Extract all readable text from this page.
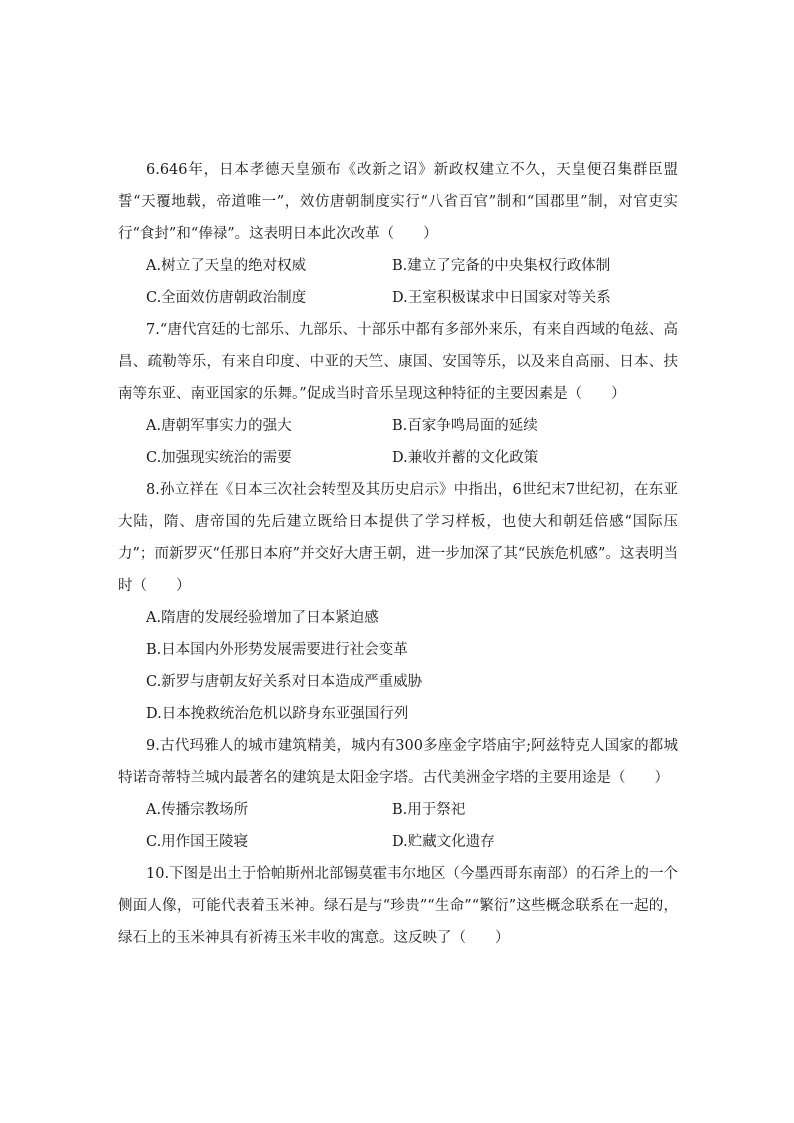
6.646年，日本孝德天皇颁布《改新之诏》新政权建立不久，天皇便召集群臣盟誓“天覆地载，帝道唯一”，效仿唐朝制度实行“八省百官”制和“国郡里”制，对官吏实行“食封”和“俸禄”。这表明日本此次改革（　　）

A.树立了天皇的绝对权威	B.建立了完备的中央集权行政体制
C.全面效仿唐朝政治制度	D.王室积极谋求中日国家对等关系

7.“唐代宫廷的七部乐、九部乐、十部乐中都有多部外来乐，有来自西域的龟兹、高昌、疏勒等乐，有来自印度、中亚的天竺、康国、安国等乐，以及来自高丽、日本、扶南等东亚、南亚国家的乐舞。”促成当时音乐呈现这种特征的主要因素是（　　）

A.唐朝军事实力的强大	B.百家争鸣局面的延续
C.加强现实统治的需要	D.兼收并蓄的文化政策

8.孙立祥在《日本三次社会转型及其历史启示》中指出，6世纪末7世纪初，在东亚大陆，隋、唐帝国的先后建立既给日本提供了学习样板，也使大和朝廷倍感“国际压力”；而新罗灭“任那日本府”并交好大唐王朝，进一步加深了其“民族危机感”。这表明当时（　　）

A.隋唐的发展经验增加了日本紧迫感
B.日本国内外形势发展需要进行社会变革
C.新罗与唐朝友好关系对日本造成严重威胁
D.日本挽救统治危机以跻身东亚强国行列

9.古代玛雅人的城市建筑精美，城内有300多座金字塔庙宇;阿兹特克人国家的都城特诺奇蒂特兰城内最著名的建筑是太阳金字塔。古代美洲金字塔的主要用途是（　　）

A.传播宗教场所	B.用于祭祀
C.用作国王陵寝	D.贮藏文化遗存

10.下图是出土于恰帕斯州北部锡莫霍韦尔地区（今墨西哥东南部）的石斧上的一个侧面人像，可能代表着玉米神。绿石是与“珍贵”“生命”“繁衍”这些概念联系在一起的，绿石上的玉米神具有祈祷玉米丰收的寓意。这反映了（　　）
